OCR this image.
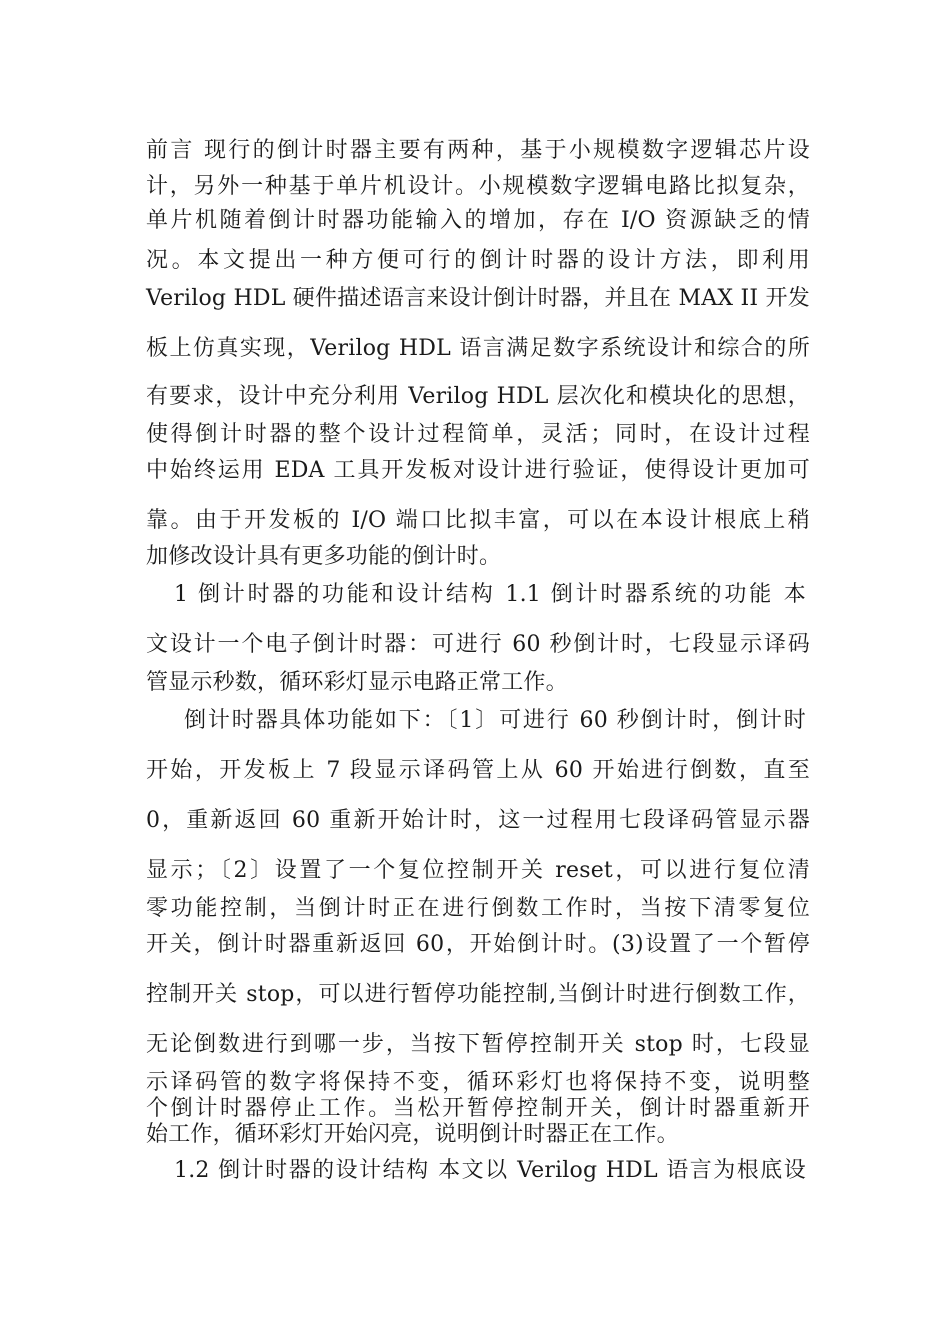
前言 现行的倒计时器主要有两种，基于小规模数字逻辑芯片设
计，另外一种基于单片机设计。小规模数字逻辑电路比拟复杂，
单片机随着倒计时器功能输入的增加，存在 I/O 资源缺乏的情
况。本文提出一种方便可行的倒计时器的设计方法，即利用
Verilog HDL 硬件描述语言来设计倒计时器，并且在 MAX II 开发
板上仿真实现，Verilog HDL 语言满足数字系统设计和综合的所
有要求，设计中充分利用 Verilog HDL 层次化和模块化的思想，
使得倒计时器的整个设计过程简单，灵活；同时，在设计过程
中始终运用 EDA 工具开发板对设计进行验证，使得设计更加可
靠。由于开发板的 I/O 端口比拟丰富，可以在本设计根底上稍
加修改设计具有更多功能的倒计时。
1 倒计时器的功能和设计结构 1.1 倒计时器系统的功能 本
文设计一个电子倒计时器：可进行 60 秒倒计时，七段显示译码
管显示秒数，循环彩灯显示电路正常工作。
倒计时器具体功能如下：〔1〕可进行 60 秒倒计时，倒计时
开始，开发板上 7 段显示译码管上从 60 开始进行倒数，直至
0，重新返回 60 重新开始计时，这一过程用七段译码管显示器
显示；〔2〕设置了一个复位控制开关 reset，可以进行复位清
零功能控制，当倒计时正在进行倒数工作时，当按下清零复位
开关，倒计时器重新返回 60，开始倒计时。(3)设置了一个暂停
控制开关 stop，可以进行暂停功能控制,当倒计时进行倒数工作，
无论倒数进行到哪一步，当按下暂停控制开关 stop 时，七段显
示译码管的数字将保持不变，循环彩灯也将保持不变，说明整
个倒计时器停止工作。当松开暂停控制开关，倒计时器重新开
始工作，循环彩灯开始闪亮，说明倒计时器正在工作。
1.2 倒计时器的设计结构 本文以 Verilog HDL 语言为根底设
